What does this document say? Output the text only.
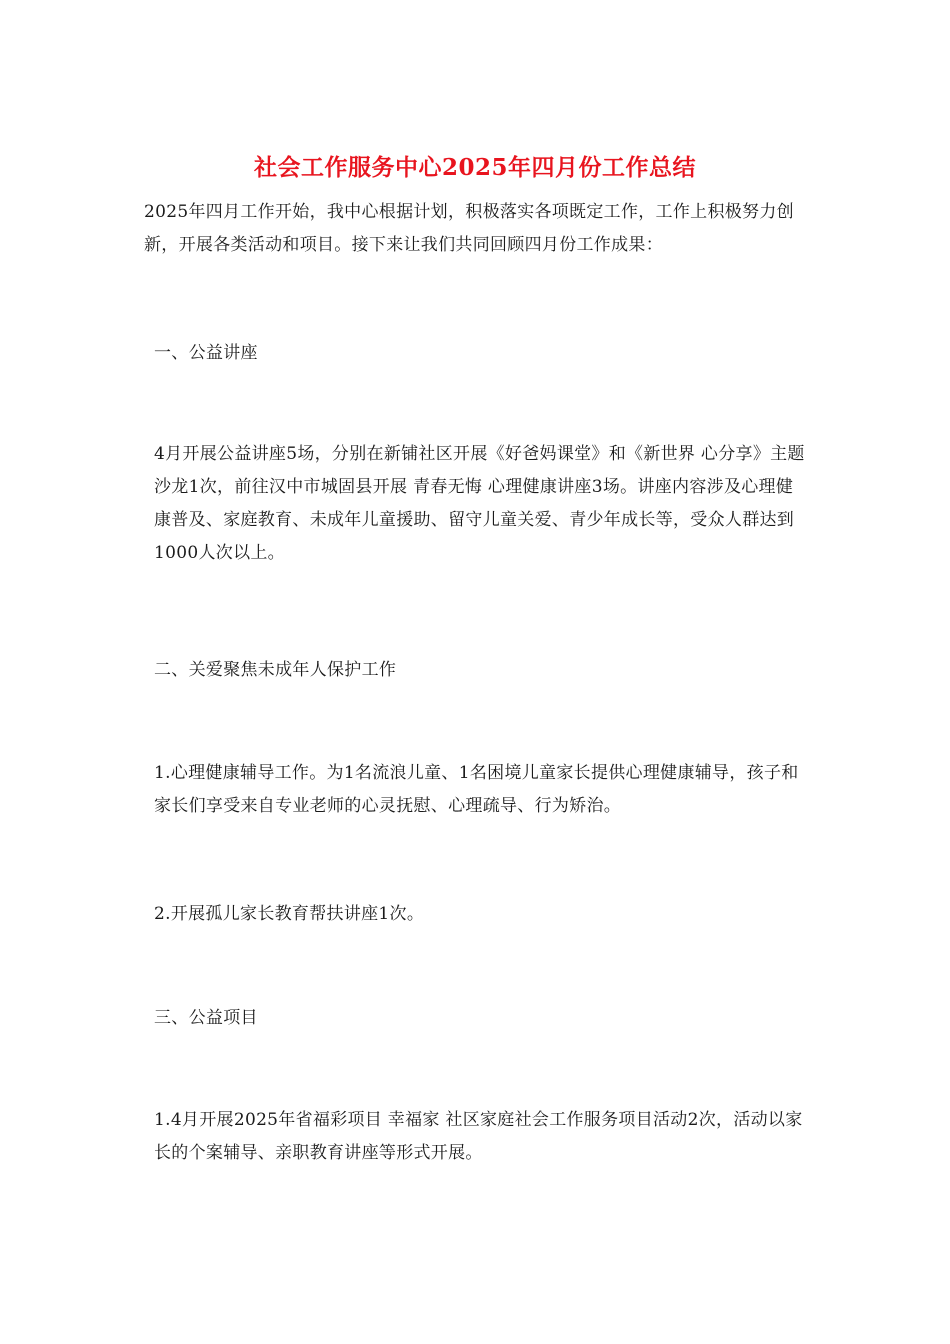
社会工作服务中心2025年四月份工作总结

2025年四月工作开始，我中心根据计划，积极落实各项既定工作，工作上积极努力创新，开展各类活动和项目。接下来让我们共同回顾四月份工作成果：

一、公益讲座

4月开展公益讲座5场，分别在新铺社区开展《好爸妈课堂》和《新世界 心分享》主题沙龙1次，前往汉中市城固县开展 青春无悔 心理健康讲座3场。讲座内容涉及心理健康普及、家庭教育、未成年儿童援助、留守儿童关爱、青少年成长等，受众人群达到1000人次以上。

二、关爱聚焦未成年人保护工作

1.心理健康辅导工作。为1名流浪儿童、1名困境儿童家长提供心理健康辅导，孩子和家长们享受来自专业老师的心灵抚慰、心理疏导、行为矫治。

2.开展孤儿家长教育帮扶讲座1次。

三、公益项目

1.4月开展2025年省福彩项目 幸福家 社区家庭社会工作服务项目活动2次，活动以家长的个案辅导、亲职教育讲座等形式开展。
